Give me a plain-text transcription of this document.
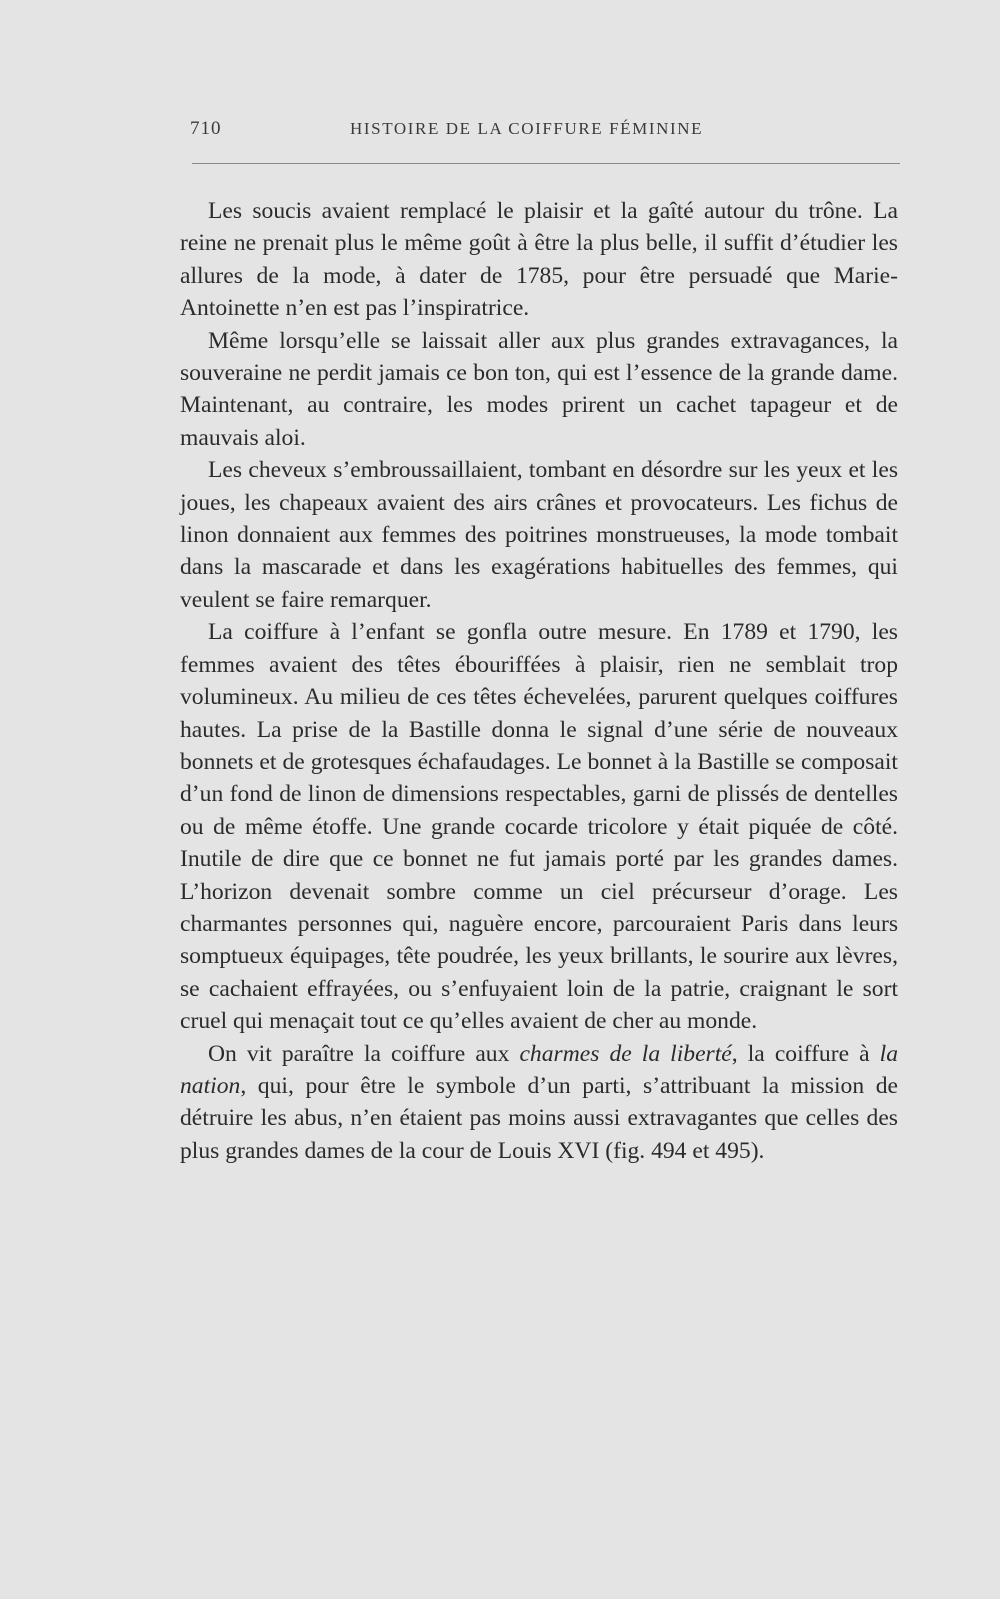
710	HISTOIRE DE LA COIFFURE FÉMININE

Les soucis avaient remplacé le plaisir et la gaîté autour du trône. La reine ne prenait plus le même goût à être la plus belle, il suffit d’étudier les allures de la mode, à dater de 1785, pour être persuadé que Marie-Antoinette n’en est pas l’inspiratrice.

Même lorsqu’elle se laissait aller aux plus grandes extravagances, la souveraine ne perdit jamais ce bon ton, qui est l’essence de la grande dame. Maintenant, au contraire, les modes prirent un cachet tapageur et de mauvais aloi.

Les cheveux s’embroussaillaient, tombant en désordre sur les yeux et les joues, les chapeaux avaient des airs crânes et provocateurs. Les fichus de linon donnaient aux femmes des poitrines monstrueuses, la mode tombait dans la mascarade et dans les exagérations habituelles des femmes, qui veulent se faire remarquer.

La coiffure à l’enfant se gonfla outre mesure. En 1789 et 1790, les femmes avaient des têtes ébouriffées à plaisir, rien ne semblait trop volumineux. Au milieu de ces têtes échevelées, parurent quelques coiffures hautes. La prise de la Bastille donna le signal d’une série de nouveaux bonnets et de grotesques échafaudages. Le bonnet à la Bastille se composait d’un fond de linon de dimensions respectables, garni de plissés de dentelles ou de même étoffe. Une grande cocarde tricolore y était piquée de côté. Inutile de dire que ce bonnet ne fut jamais porté par les grandes dames. L’horizon devenait sombre comme un ciel précurseur d’orage. Les charmantes personnes qui, naguère encore, parcouraient Paris dans leurs somptueux équipages, tête poudrée, les yeux brillants, le sourire aux lèvres, se cachaient effrayées, ou s’enfuyaient loin de la patrie, craignant le sort cruel qui menaçait tout ce qu’elles avaient de cher au monde.

On vit paraître la coiffure aux charmes de la liberté, la coiffure à la nation, qui, pour être le symbole d’un parti, s’attribuant la mission de détruire les abus, n’en étaient pas moins aussi extravagantes que celles des plus grandes dames de la cour de Louis XVI (fig. 494 et 495).
